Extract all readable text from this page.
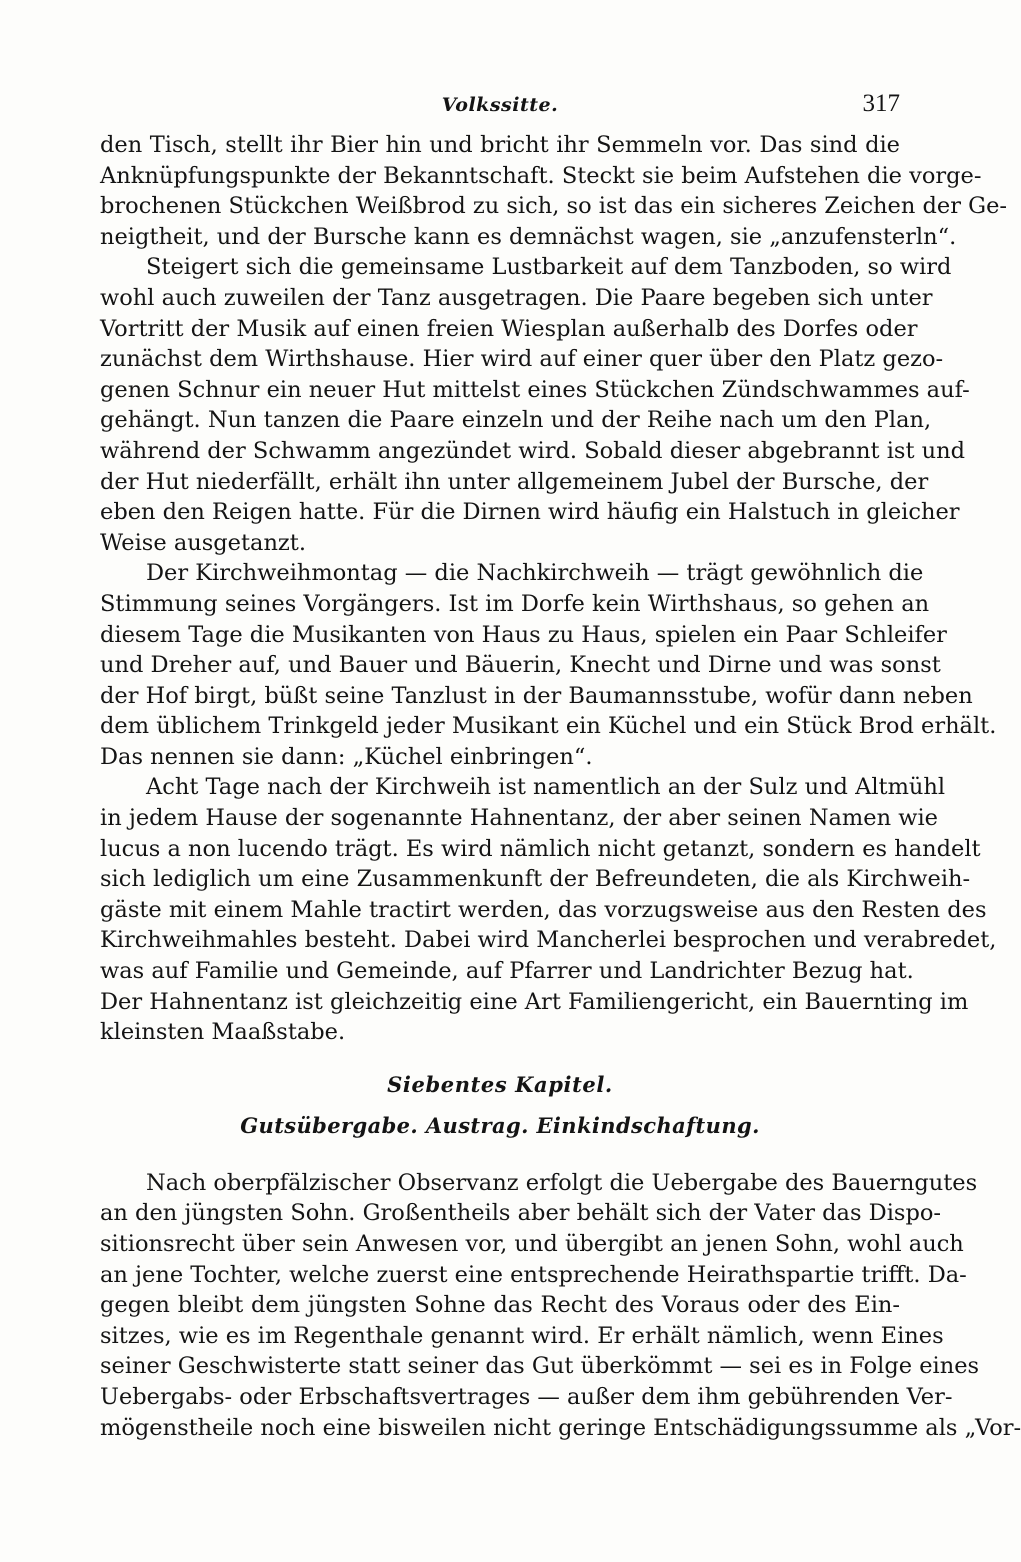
Volkssitte.	317
den Tisch, stellt ihr Bier hin und bricht ihr Semmeln vor. Das sind die
Anknüpfungspunkte der Bekanntschaft. Steckt sie beim Aufstehen die vorge-
brochenen Stückchen Weißbrod zu sich, so ist das ein sicheres Zeichen der Ge-
neigtheit, und der Bursche kann es demnächst wagen, sie „anzufensterln“.
Steigert sich die gemeinsame Lustbarkeit auf dem Tanzboden, so wird
wohl auch zuweilen der Tanz ausgetragen. Die Paare begeben sich unter
Vortritt der Musik auf einen freien Wiesplan außerhalb des Dorfes oder
zunächst dem Wirthshause. Hier wird auf einer quer über den Platz gezo-
genen Schnur ein neuer Hut mittelst eines Stückchen Zündschwammes auf-
gehängt. Nun tanzen die Paare einzeln und der Reihe nach um den Plan,
während der Schwamm angezündet wird. Sobald dieser abgebrannt ist und
der Hut niederfällt, erhält ihn unter allgemeinem Jubel der Bursche, der
eben den Reigen hatte. Für die Dirnen wird häufig ein Halstuch in gleicher
Weise ausgetanzt.
Der Kirchweihmontag — die Nachkirchweih — trägt gewöhnlich die
Stimmung seines Vorgängers. Ist im Dorfe kein Wirthshaus, so gehen an
diesem Tage die Musikanten von Haus zu Haus, spielen ein Paar Schleifer
und Dreher auf, und Bauer und Bäuerin, Knecht und Dirne und was sonst
der Hof birgt, büßt seine Tanzlust in der Baumannsstube, wofür dann neben
dem üblichem Trinkgeld jeder Musikant ein Küchel und ein Stück Brod erhält.
Das nennen sie dann: „Küchel einbringen“.
Acht Tage nach der Kirchweih ist namentlich an der Sulz und Altmühl
in jedem Hause der sogenannte Hahnentanz, der aber seinen Namen wie
lucus a non lucendo trägt. Es wird nämlich nicht getanzt, sondern es handelt
sich lediglich um eine Zusammenkunft der Befreundeten, die als Kirchweih-
gäste mit einem Mahle tractirt werden, das vorzugsweise aus den Resten des
Kirchweihmahles besteht. Dabei wird Mancherlei besprochen und verabredet,
was auf Familie und Gemeinde, auf Pfarrer und Landrichter Bezug hat.
Der Hahnentanz ist gleichzeitig eine Art Familiengericht, ein Bauernting im
kleinsten Maaßstabe.
Siebentes Kapitel.
Gutsübergabe. Austrag. Einkindschaftung.
Nach oberpfälzischer Observanz erfolgt die Uebergabe des Bauerngutes
an den jüngsten Sohn. Großentheils aber behält sich der Vater das Dispo-
sitionsrecht über sein Anwesen vor, und übergibt an jenen Sohn, wohl auch
an jene Tochter, welche zuerst eine entsprechende Heirathspartie trifft. Da-
gegen bleibt dem jüngsten Sohne das Recht des Voraus oder des Ein-
sitzes, wie es im Regenthale genannt wird. Er erhält nämlich, wenn Eines
seiner Geschwisterte statt seiner das Gut überkömmt — sei es in Folge eines
Uebergabs- oder Erbschaftsvertrages — außer dem ihm gebührenden Ver-
mögenstheile noch eine bisweilen nicht geringe Entschädigungssumme als „Vor-
